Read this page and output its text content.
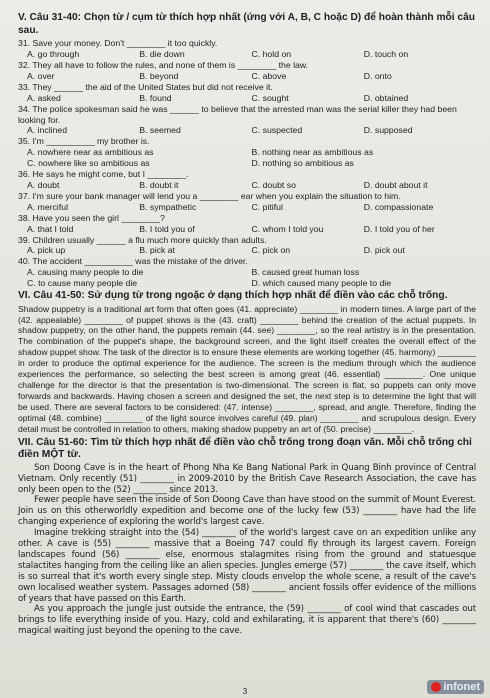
V. Câu 31-40: Chọn từ / cụm từ thích hợp nhất (ứng với A, B, C hoặc D) để hoàn thành mỗi câu sau.
31. Save your money. Don't ________ it too quickly.
A. go through	B. die down	C. hold on	D. touch on
32. They all have to follow the rules, and none of them is ________ the law.
A. over	B. beyond	C. above	D. onto
33. They ______ the aid of the United States but did not receive it.
A. asked	B. found	C. sought	D. obtained
34. The police spokesman said he was ______ to believe that the arrested man was the serial killer they had been looking for.
A. inclined	B. seemed	C. suspected	D. supposed
35. I'm __________ my brother is.
A. nowhere near as ambitious as	B. nothing near as ambitious as
C. nowhere like so ambitious as	D. nothing so ambitious as
36. He says he might come, but I ________.
A. doubt	B. doubt it	C. doubt so	D. doubt about it
37. I'm sure your bank manager will lend you a ________ ear when you explain the situation to him.
A. merciful	B. sympathetic	C. pitiful	D. compassionate
38. Have you seen the girl ________?
A. that I told	B. I told you of	C. whom I told you	D. I told you of her
39. Children usually ______ a flu much more quickly than adults.
A. pick up	B. pick at	C. pick on	D. pick out
40. The accident __________ was the mistake of the driver.
A. causing many people to die	B. caused great human loss
C. to cause many people die	D. which caused many people to die
VI. Câu 41-50: Sử dụng từ trong ngoặc ở dạng thích hợp nhất để điền vào các chỗ trống.

Shadow puppetry is a traditional art form that often goes (41. appreciate) ________ in modern times. A large part of the (42. appealable) ________ of puppet shows is the (43. craft) ________ behind the creation of the actual puppets. In shadow puppetry, on the other hand, the puppets remain (44. see) ________, so the real artistry is in the presentation. The combination of the puppet's shape, the background screen, and the light itself creates the overall effect of the shadow puppet show. The task of the director is to ensure these elements are working together (45. harmony) ________ in order to produce the optimal experience for the audience. The screen is the medium through which the audience experiences the performance, so selecting the best screen is among great (46. essential) ________. One unique challenge for the director is that the presentation is two-dimensional. The screen is flat, so puppets can only move forwards and backwards. Having chosen a screen and designed the set, the next step is to determine the light that will be used. There are several factors to be considered: (47. intense) ________, spread, and angle. Therefore, finding the optimal (48. combine) ________ of the light source involves careful (49. plan) ________ and scrupulous design. Every detail must be controlled in relation to others, making shadow puppetry an art of (50. precise) ________.

VII. Câu 51-60: Tìm từ thích hợp nhất để điền vào chỗ trống trong đoạn văn. Mỗi chỗ trống chỉ điền MỘT từ.

Son Doong Cave is in the heart of Phong Nha Ke Bang National Park in Quang Binh province of Central Vietnam. Only recently (51) ________ in 2009-2010 by the British Cave Research Association, the cave has only been open to the (52) ________ since 2013.

Fewer people have seen the inside of Son Doong Cave than have stood on the summit of Mount Everest. Join us on this otherworldly expedition and become one of the lucky few (53) ________ have had the life changing experience of exploring the world's largest cave.

Imagine trekking straight into the (54) ________ of the world's largest cave on an expedition unlike any other. A cave is (55) ________ massive that a Boeing 747 could fly through its largest cavern. Foreign landscapes found (56) ________ else, enormous stalagmites rising from the ground and statuesque stalactites hanging from the ceiling like an alien species. Jungles emerge (57) ________ the cave itself, which is so surreal that it's worth every single step. Misty clouds envelop the whole scene, a result of the cave's own localised weather system. Passages adorned (58) ________ ancient fossils offer evidence of the millions of years that have passed on this Earth.

As you approach the jungle just outside the entrance, the (59) ________ of cool wind that cascades out brings to life everything inside of you. Hazy, cold and exhilarating, it is apparent that there's (60) ________ magical waiting just beyond the opening to the cave.

3	infonet
